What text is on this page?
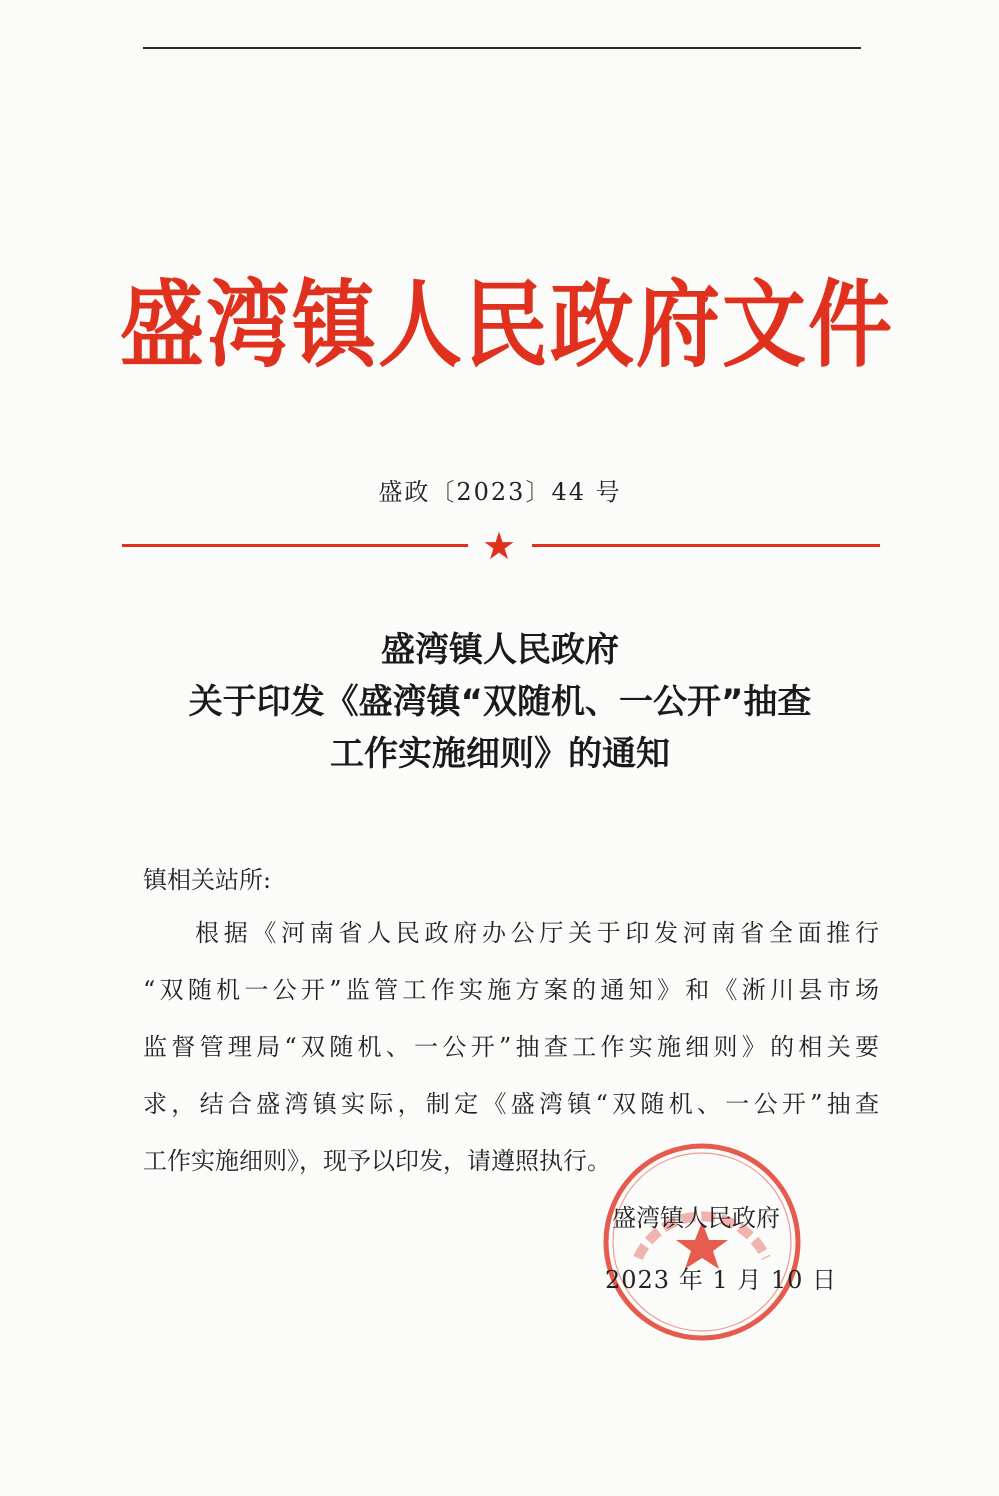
盛湾镇人民政府文件
盛政〔2023〕44 号
★
盛湾镇人民政府
关于印发《盛湾镇“双随机、一公开”抽查
工作实施细则》的通知
镇相关站所:
根据《河南省人民政府办公厅关于印发河南省全面推行
“双随机一公开”监管工作实施方案的通知》和《淅川县市场
监督管理局“双随机、一公开”抽查工作实施细则》的相关要
求，结合盛湾镇实际，制定《盛湾镇“双随机、一公开”抽查
工作实施细则》，现予以印发，请遵照执行。
盛湾镇人民政府
2023 年 1 月 10 日
